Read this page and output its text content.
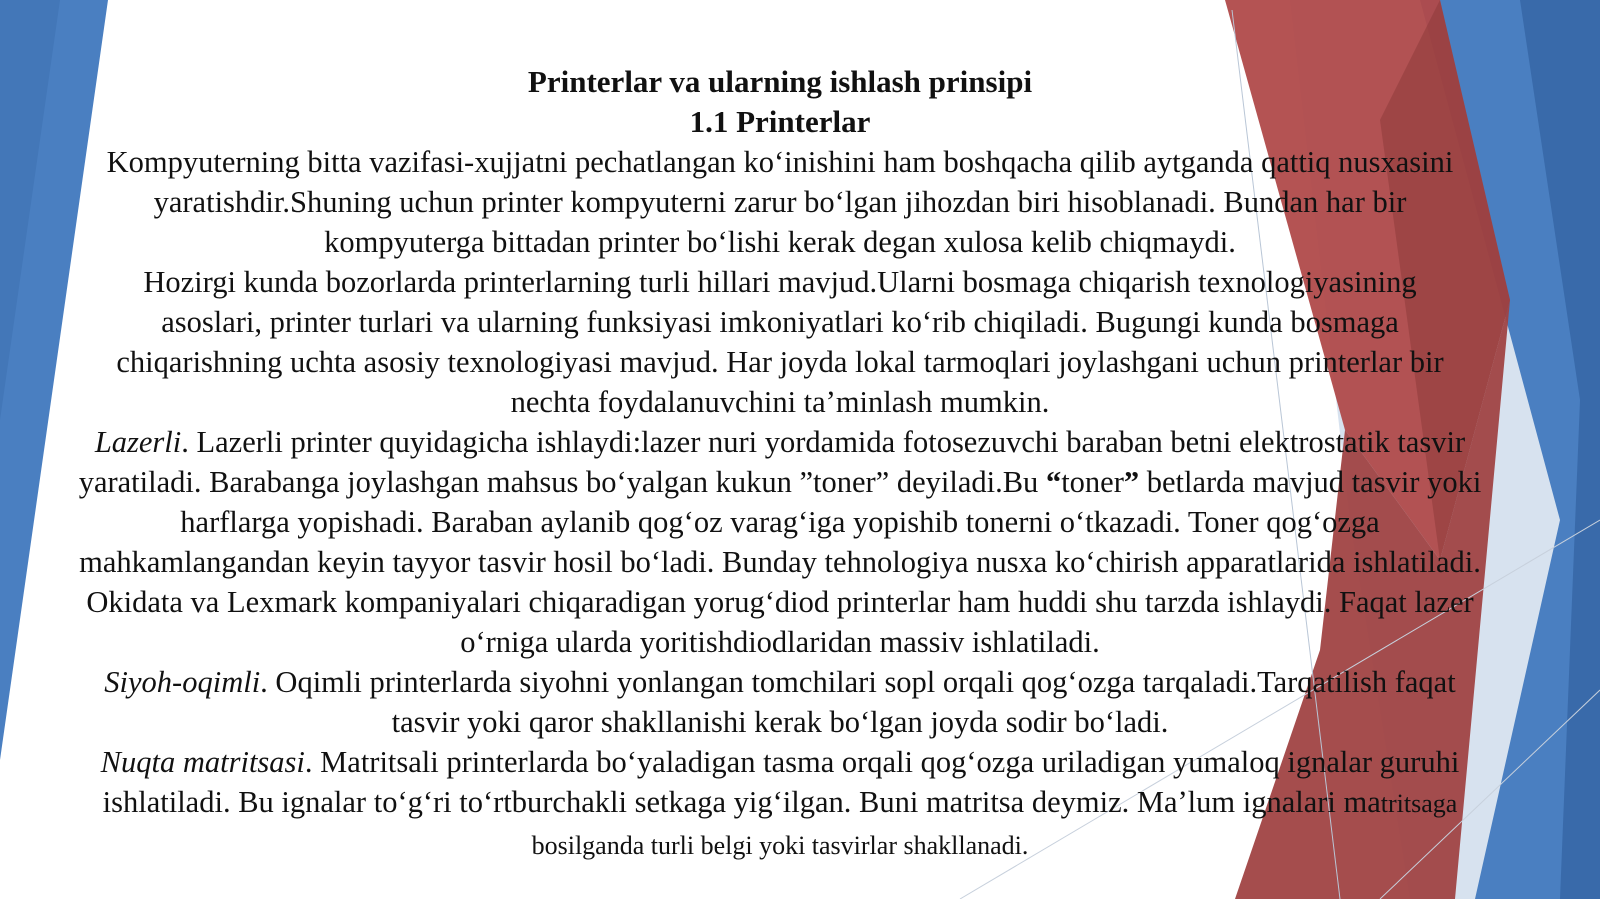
Printerlar va ularning ishlash prinsipi
1.1 Printerlar

Kompyuterning bitta vazifasi-xujjatni pechatlangan koʻinishini ham boshqacha qilib aytganda qattiq nusxasini
yaratishdir.Shuning uchun printer kompyuterni zarur boʻlgan jihozdan biri hisoblanadi. Bundan har bir
kompyuterga bittadan printer boʻlishi kerak degan xulosa kelib chiqmaydi.

Hozirgi kunda bozorlarda printerlarning turli hillari mavjud.Ularni bosmaga chiqarish texnologiyasining
asoslari, printer turlari va ularning funksiyasi imkoniyatlari koʻrib chiqiladi. Bugungi kunda bosmaga
chiqarishning uchta asosiy texnologiyasi mavjud. Har joyda lokal tarmoqlari joylashgani uchun printerlar bir
nechta foydalanuvchini taʼminlash mumkin.

Lazerli. Lazerli printer quyidagicha ishlaydi:lazer nuri yordamida fotosezuvchi baraban betni elektrostatik tasvir
yaratiladi. Barabanga joylashgan mahsus boʻyalgan kukun ”toner” deyiladi.Bu “toner” betlarda mavjud tasvir yoki
harflarga yopishadi. Baraban aylanib qogʻoz varagʻiga yopishib tonerni oʻtkazadi. Toner qogʻozga
mahkamlangandan keyin tayyor tasvir hosil boʻladi. Bunday tehnologiya nusxa koʻchirish apparatlarida ishlatiladi.
Okidata va Lexmark kompaniyalari chiqaradigan yorugʻdiod printerlar ham huddi shu tarzda ishlaydi. Faqat lazer
oʻrniga ularda yoritishdiodlaridan massiv ishlatiladi.

Siyoh-oqimli. Oqimli printerlarda siyohni yonlangan tomchilari sopl orqali qogʻozga tarqaladi.Tarqatilish faqat
tasvir yoki qaror shakllanishi kerak boʻlgan joyda sodir boʻladi.

Nuqta matritsasi. Matritsali printerlarda boʻyaladigan tasma orqali qogʻozga uriladigan yumaloq ignalar guruhi
ishlatiladi. Bu ignalar toʻgʻri toʻrtburchakli setkaga yigʻilgan. Buni matritsa deymiz. Maʼlum ignalari matritsaga
bosilganda turli belgi yoki tasvirlar shakllanadi.
